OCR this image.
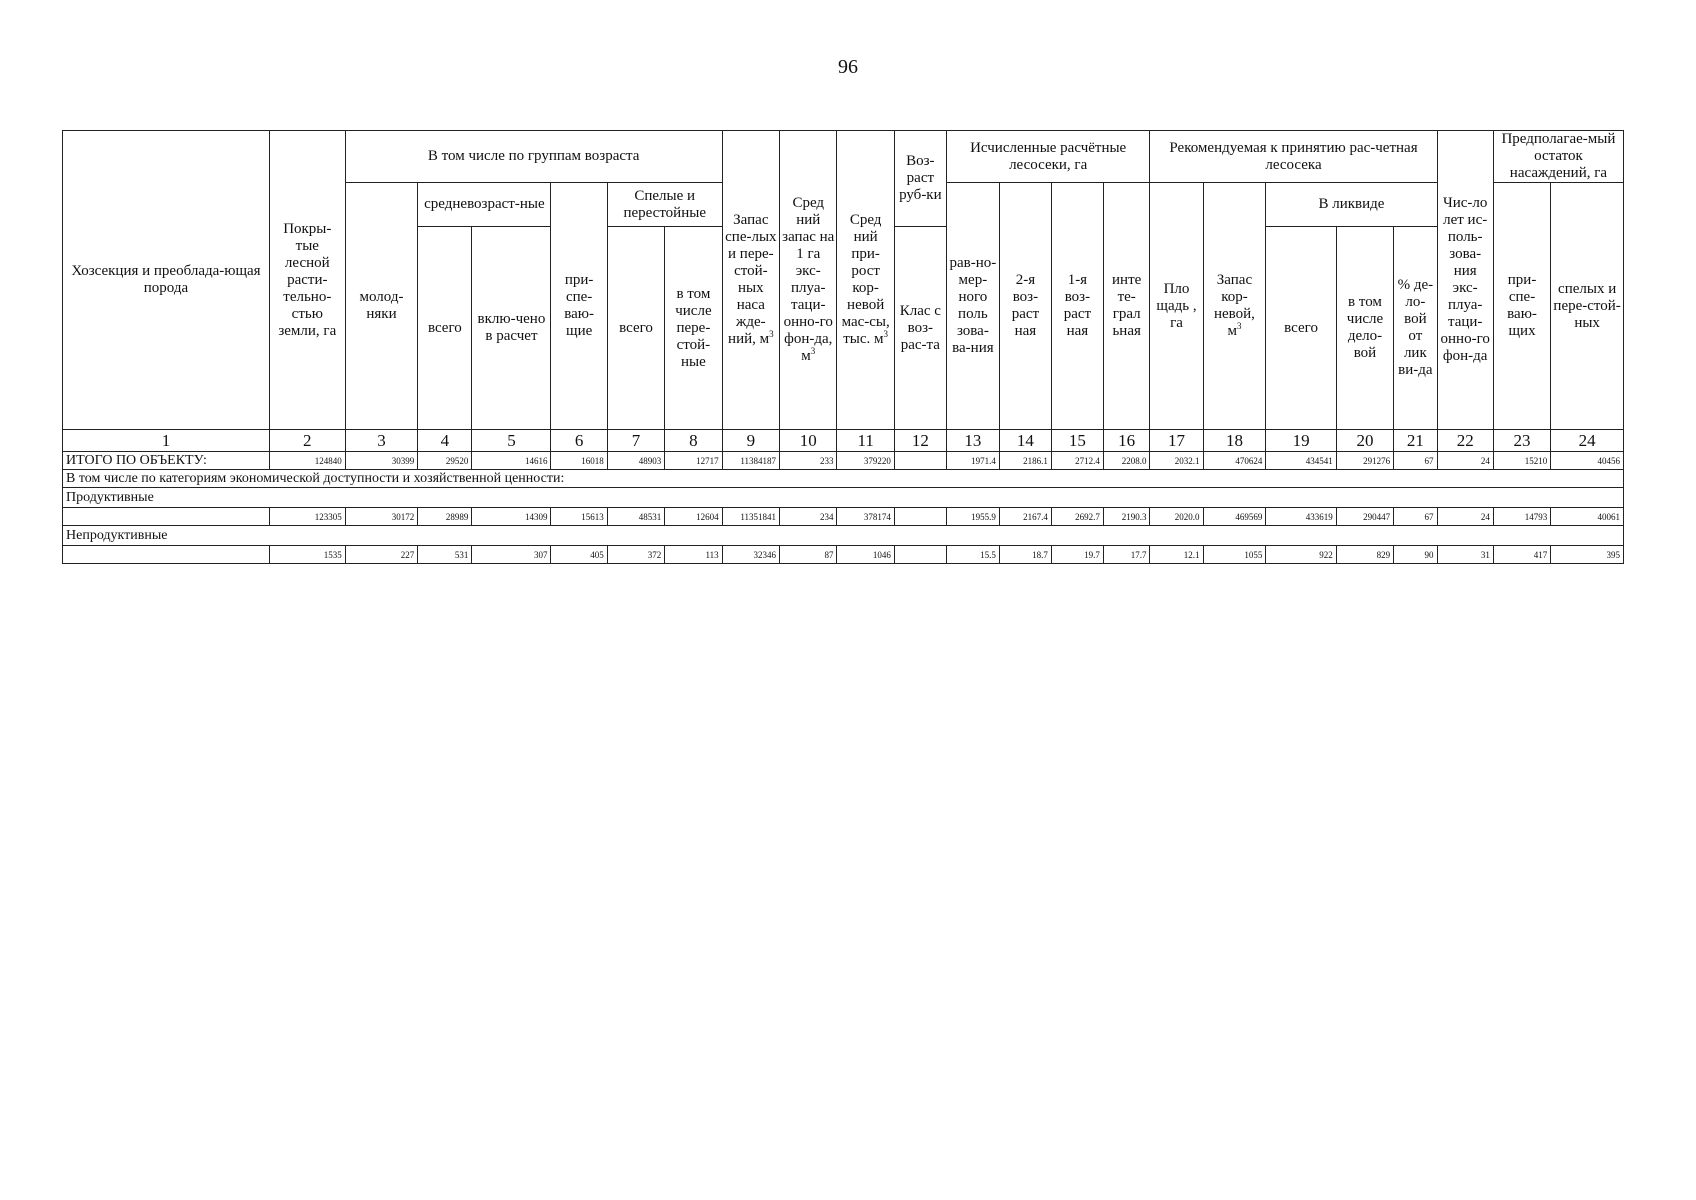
96
Хозсекция и преоблада-ющая порода	Покры-тые лесной расти-тельно-стью земли, га	В том числе по группам возраста						Запас спе-лых и пере-стой-ных наса жде-ний, $м^3$	Сред ний запас на 1 га экс-плуа-таци-онно-го фон-да, $м^3$	Сред ний при-рост кор-невой мас-сы, тыс. $м^3$	Воз-раст руб-ки	Исчисленные расчётные лесосеки, га				Рекомендуемая к принятию рас-четная лесосека					Чис-ло лет ис-поль-зова-ния экс-плуа-таци-онно-го фон-да	Предполагае-мый остаток насаждений, га	
		молод-няки	средневозраст-ные		при-спе-ваю-щие	Спелые и перестойные						рав-но-мер-ного поль зова-ва-ния	2-я воз-раст ная	1-я воз-раст ная	инте те-грал ьная	Пло щадь , га	Запас кор-невой, $м^3$	В ликвиде				при-спе-ваю-щих	спелых и пере-стой-ных
			всего	вклю-чено в расчет		всего	в том числе пере-стой-ные				Клас с воз-рас-та							всего	в том числе дело-вой	% де-ло-вой от лик ви-да			
1	2	3	4	5	6	7	8	9	10	11	12	13	14	15	16	17	18	19	20	21	22	23	24
ИТОГО ПО ОБЪЕКТУ:	124840	30399	29520	14616	16018	48903	12717	11384187	233	379220		1971.4	2186.1	2712.4	2208.0	2032.1	470624	434541	291276	67	24	15210	40456
В том числе по категориям экономической доступности и хозяйственной ценности:																							
Продуктивные																							
	123305	30172	28989	14309	15613	48531	12604	11351841	234	378174		1955.9	2167.4	2692.7	2190.3	2020.0	469569	433619	290447	67	24	14793	40061
Непродуктивные																							
	1535	227	531	307	405	372	113	32346	87	1046		15.5	18.7	19.7	17.7	12.1	1055	922	829	90	31	417	395
